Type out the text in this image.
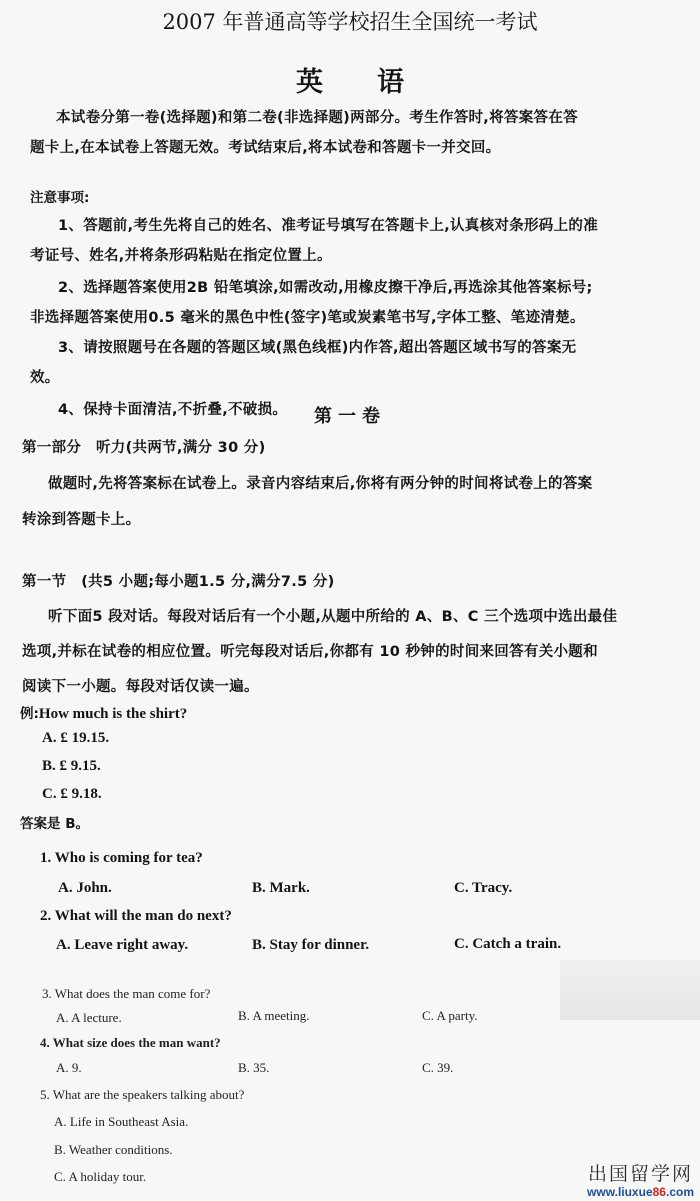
2007 年普通高等学校招生全国统一考试
英 语
本试卷分第一卷(选择题)和第二卷(非选择题)两部分。考生作答时,将答案答在答
题卡上,在本试卷上答题无效。考试结束后,将本试卷和答题卡一并交回。
注意事项:
1、答题前,考生先将自己的姓名、准考证号填写在答题卡上,认真核对条形码上的准
考证号、姓名,并将条形码粘贴在指定位置上。
2、选择题答案使用2B 铅笔填涂,如需改动,用橡皮擦干净后,再选涂其他答案标号;
非选择题答案使用0.5 毫米的黑色中性(签字)笔或炭素笔书写,字体工整、笔迹清楚。
3、请按照题号在各题的答题区域(黑色线框)内作答,超出答题区域书写的答案无
效。
4、保持卡面清洁,不折叠,不破损。	第一卷
第一部分　听力(共两节,满分 30 分)
做题时,先将答案标在试卷上。录音内容结束后,你将有两分钟的时间将试卷上的答案
转涂到答题卡上。
第一节　(共5 小题;每小题1.5 分,满分7.5 分)
听下面5 段对话。每段对话后有一个小题,从题中所给的 A、B、C 三个选项中选出最佳
选项,并标在试卷的相应位置。听完每段对话后,你都有 10 秒钟的时间来回答有关小题和
阅读下一小题。每段对话仅读一遍。
例:How much is the shirt?
A. £ 19.15.
B. £ 9.15.
C. £ 9.18.
答案是 B。
1. Who is coming for tea?
A. John.	B. Mark.	C. Tracy.
2. What will the man do next?
A. Leave right away.	B. Stay for dinner.	C. Catch a train.
3. What does the man come for?
A. A lecture.	B. A meeting.	C. A party.
4. What size does the man want?
A. 9.	B. 35.	C. 39.
5. What are the speakers talking about?
A. Life in Southeast Asia.
B. Weather conditions.
C. A holiday tour.	出国留学网
www.liuxue86.com
